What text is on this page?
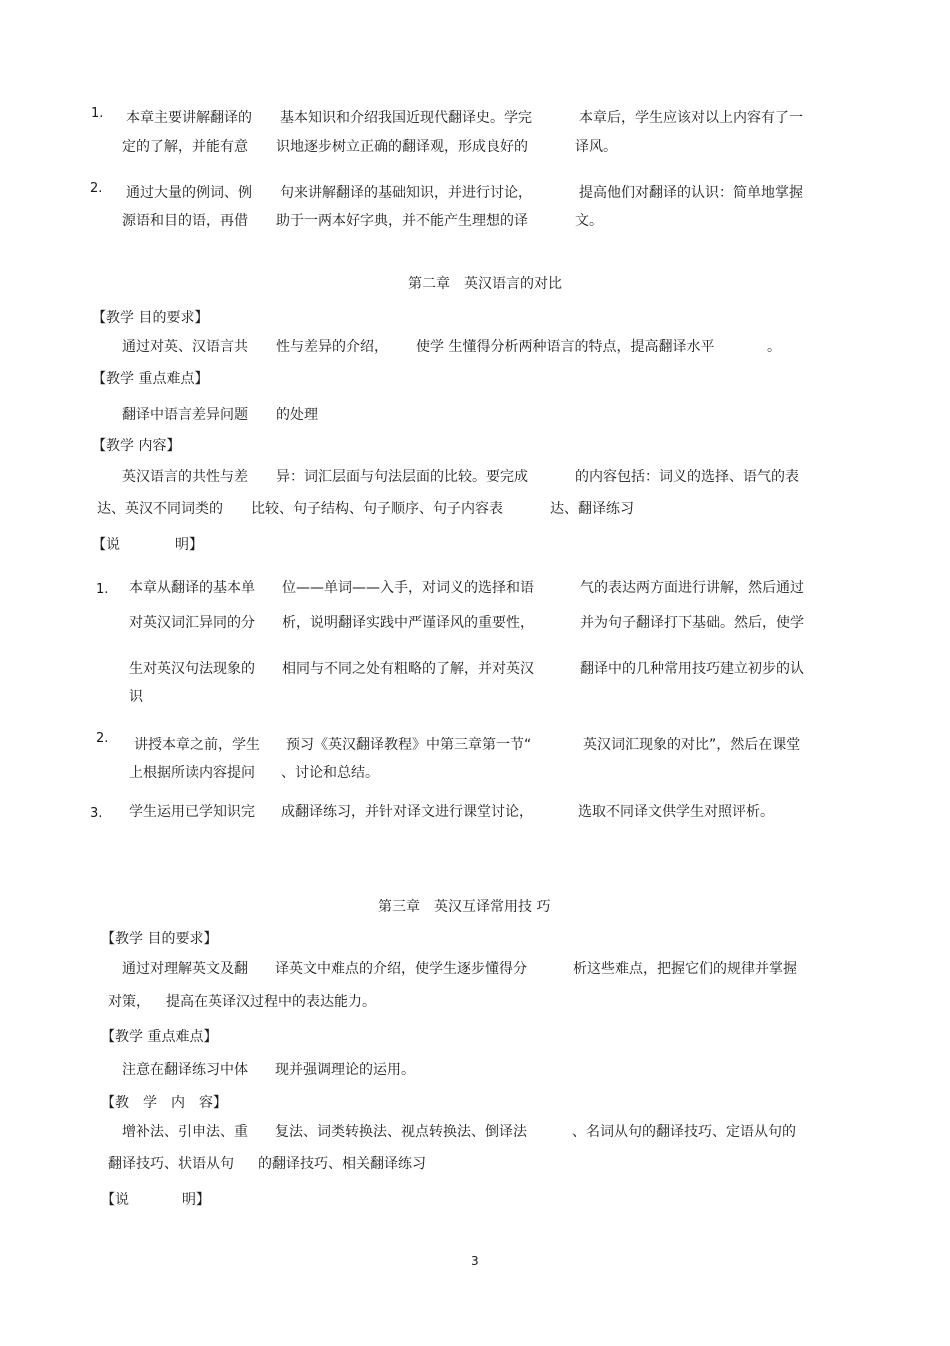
1. 本章主要讲解翻译的 基本知识和介绍我国近现代翻译史。学完	本章后，学生应该对以上内容有了一
定的了解，并能有意 识地逐步树立正确的翻译观，形成良好的	译风。
2. 通过大量的例词、例 句来讲解翻译的基础知识，并进行讨论，	提高他们对翻译的认识：简单地掌握
源语和目的语，再借 助于一两本好字典，并不能产生理想的译	文。
第二章　英汉语言的对比
【教学 目的要求】
通过对英、汉语言共 性与差异的介绍， 使学 生懂得分析两种语言的特点，提高翻译水平	。
【教学 重点难点】
翻译中语言差异问题 的处理
【教学 内容】
英汉语言的共性与差 异：词汇层面与句法层面的比较。要完成	的内容包括：词义的选择、语气的表
达、英汉不同词类的 比较、句子结构、句子顺序、句子内容表	达、翻译练习
【说	明】
1. 本章从翻译的基本单 位——单词——入手，对词义的选择和语	气的表达两方面进行讲解，然后通过
对英汉词汇异同的分 析，说明翻译实践中严谨译风的重要性，	并为句子翻译打下基础。然后，使学
生对英汉句法现象的 相同与不同之处有粗略的了解，并对英汉	翻译中的几种常用技巧建立初步的认
识
2. 讲授本章之前，学生 预习《英汉翻译教程》中第三章第一节“	英汉词汇现象的对比”，然后在课堂
上根据所读内容提问 、讨论和总结。
3. 学生运用已学知识完 成翻译练习，并针对译文进行课堂讨论，	选取不同译文供学生对照评析。
第三章　英汉互译常用技 巧
【教学 目的要求】
通过对理解英文及翻 译英文中难点的介绍，使学生逐步懂得分	析这些难点，把握它们的规律并掌握
对策， 提高在英译汉过程中的表达能力。
【教学 重点难点】
注意在翻译练习中体 现并强调理论的运用。
【教　学　内　容】
增补法、引申法、重 复法、词类转换法、视点转换法、倒译法	、名词从句的翻译技巧、定语从句的
翻译技巧、状语从句 的翻译技巧、相关翻译练习
【说	明】
3
